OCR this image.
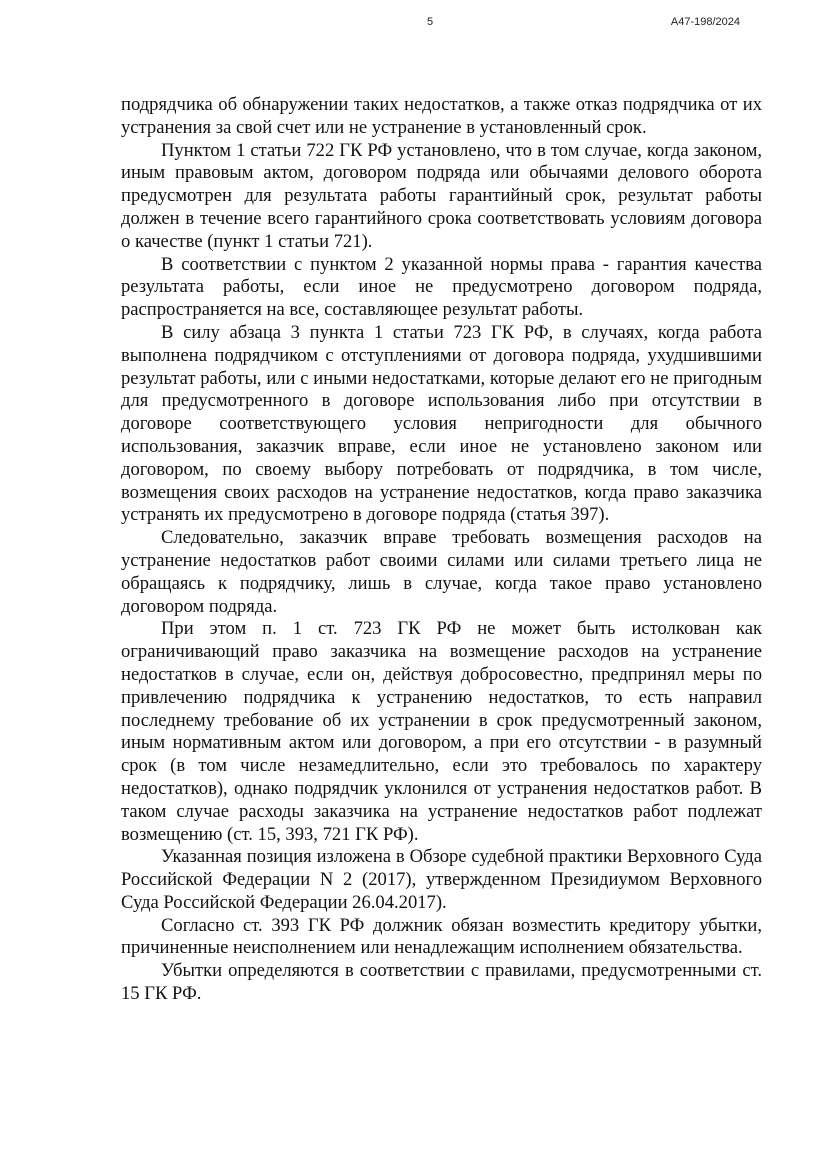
5	А47-198/2024

подрядчика об обнаружении таких недостатков, а также отказ подрядчика от их устранения за свой счет или не устранение в установленный срок.

Пунктом 1 статьи 722 ГК РФ установлено, что в том случае, когда законом, иным правовым актом, договором подряда или обычаями делового оборота предусмотрен для результата работы гарантийный срок, результат работы должен в течение всего гарантийного срока соответствовать условиям договора о качестве (пункт 1 статьи 721).

В соответствии с пунктом 2 указанной нормы права - гарантия качества результата работы, если иное не предусмотрено договором подряда, распространяется на все, составляющее результат работы.

В силу абзаца 3 пункта 1 статьи 723 ГК РФ, в случаях, когда работа выполнена подрядчиком с отступлениями от договора подряда, ухудшившими результат работы, или с иными недостатками, которые делают его не пригодным для предусмотренного в договоре использования либо при отсутствии в договоре соответствующего условия непригодности для обычного использования, заказчик вправе, если иное не установлено законом или договором, по своему выбору потребовать от подрядчика, в том числе, возмещения своих расходов на устранение недостатков, когда право заказчика устранять их предусмотрено в договоре подряда (статья 397).

Следовательно, заказчик вправе требовать возмещения расходов на устранение недостатков работ своими силами или силами третьего лица не обращаясь к подрядчику, лишь в случае, когда такое право установлено договором подряда.

При этом п. 1 ст. 723 ГК РФ не может быть истолкован как ограничивающий право заказчика на возмещение расходов на устранение недостатков в случае, если он, действуя добросовестно, предпринял меры по привлечению подрядчика к устранению недостатков, то есть направил последнему требование об их устранении в срок предусмотренный законом, иным нормативным актом или договором, а при его отсутствии - в разумный срок (в том числе незамедлительно, если это требовалось по характеру недостатков), однако подрядчик уклонился от устранения недостатков работ. В таком случае расходы заказчика на устранение недостатков работ подлежат возмещению (ст. 15, 393, 721 ГК РФ).

Указанная позиция изложена в Обзоре судебной практики Верховного Суда Российской Федерации N 2 (2017), утвержденном Президиумом Верховного Суда Российской Федерации 26.04.2017).

Согласно ст. 393 ГК РФ должник обязан возместить кредитору убытки, причиненные неисполнением или ненадлежащим исполнением обязательства.

Убытки определяются в соответствии с правилами, предусмотренными ст. 15 ГК РФ.
